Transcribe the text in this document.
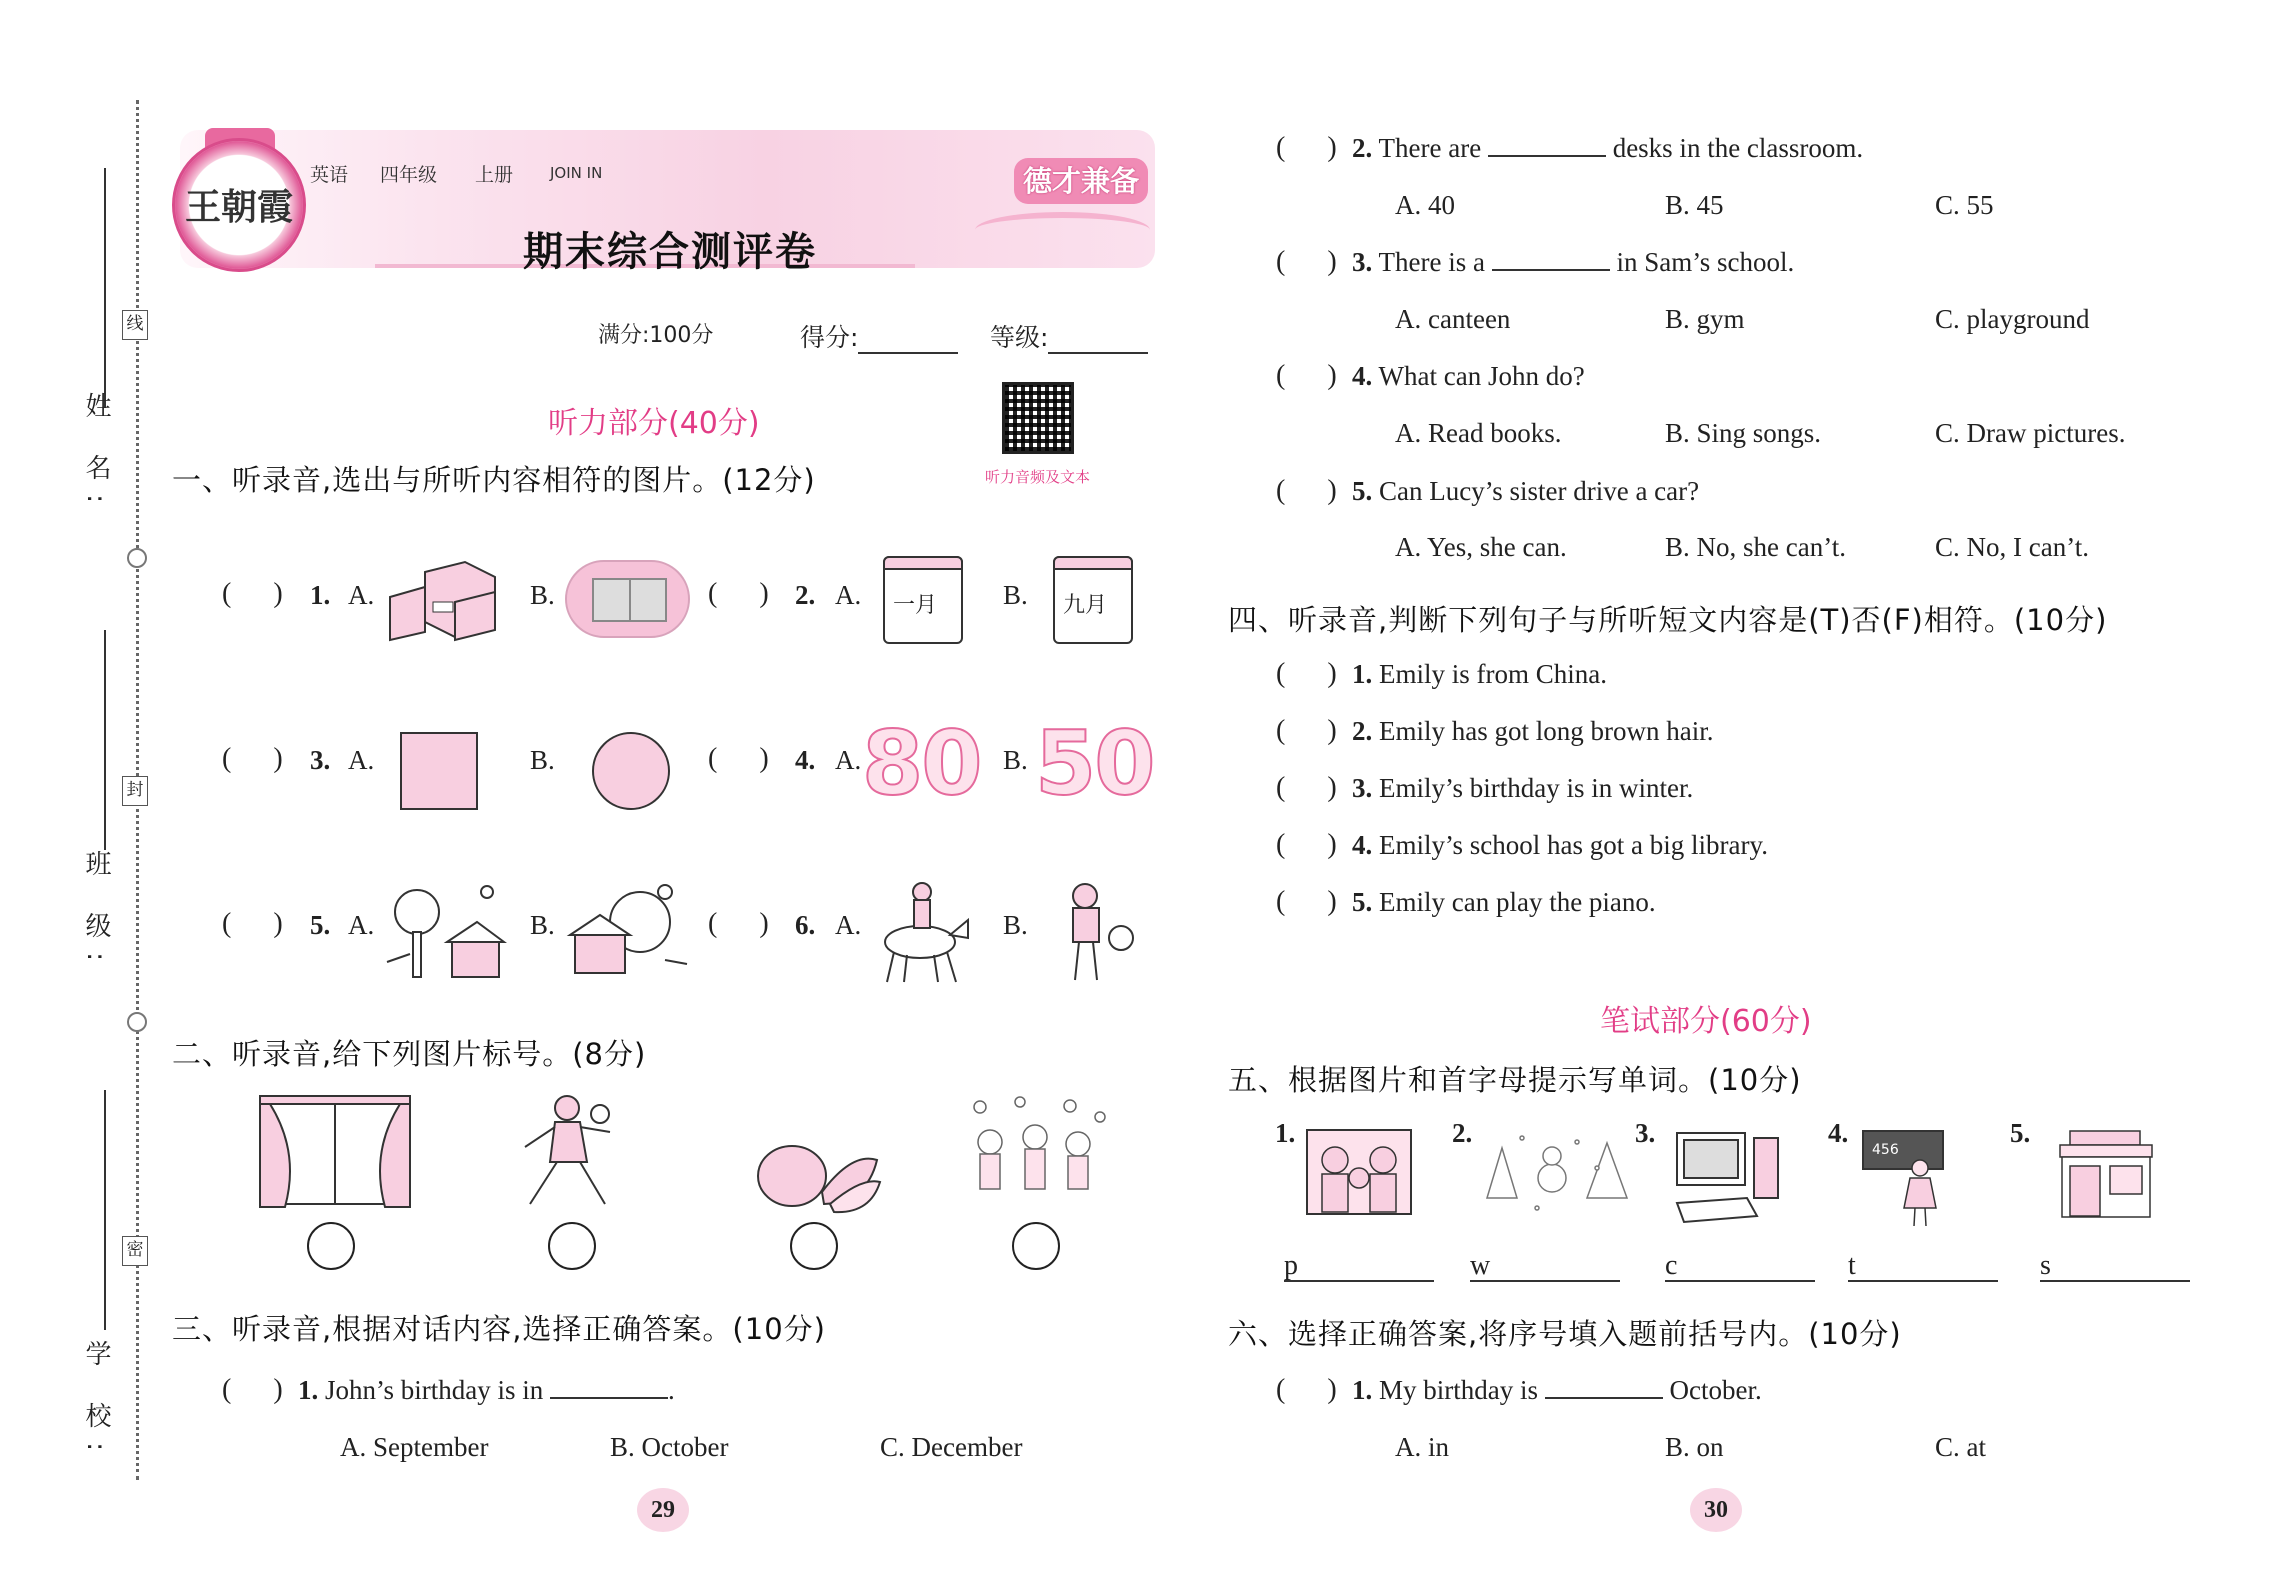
姓 名:
班 级:
学 校:
线
封
密
王朝霞
英语 四年级 上册 JOIN IN
期末综合测评卷
德才兼备
满分:100分	得分:	等级:
听力部分(40分)
听力音频及文本
一、听录音,选出与所听内容相符的图片。(12分)
(      ) 1. A.	B.	(      ) 2. A. 一月 B. 九月
(      ) 3. A.	B.	(      ) 4. A. 80 B. 50
(      ) 5. A.	B.	(      ) 6. A.	B.
二、听录音,给下列图片标号。(8分)
三、听录音,根据对话内容,选择正确答案。(10分)
(      ) 1. John’s birthday is in	.
A. September	B. October	C. December
29
(      ) 2. There are	desks in the classroom.
A. 40	B. 45	C. 55
(      ) 3. There is a	in Sam’s school.
A. canteen	B. gym	C. playground
(      ) 4. What can John do?
A. Read books.	B. Sing songs.	C. Draw pictures.
(      ) 5. Can Lucy’s sister drive a car?
A. Yes, she can.	B. No, she can’t.	C. No, I can’t.
四、听录音,判断下列句子与所听短文内容是(T)否(F)相符。(10分)
(      ) 1. Emily is from China.
(      ) 2. Emily has got long brown hair.
(      ) 3. Emily’s birthday is in winter.
(      ) 4. Emily’s school has got a big library.
(      ) 5. Emily can play the piano.
笔试部分(60分)
五、根据图片和首字母提示写单词。(10分)
1.
p
2.
w
3.
c
4.
456
t
5.
s
六、选择正确答案,将序号填入题前括号内。(10分)
(      ) 1. My birthday is	October.
A. in	B. on	C. at
30
